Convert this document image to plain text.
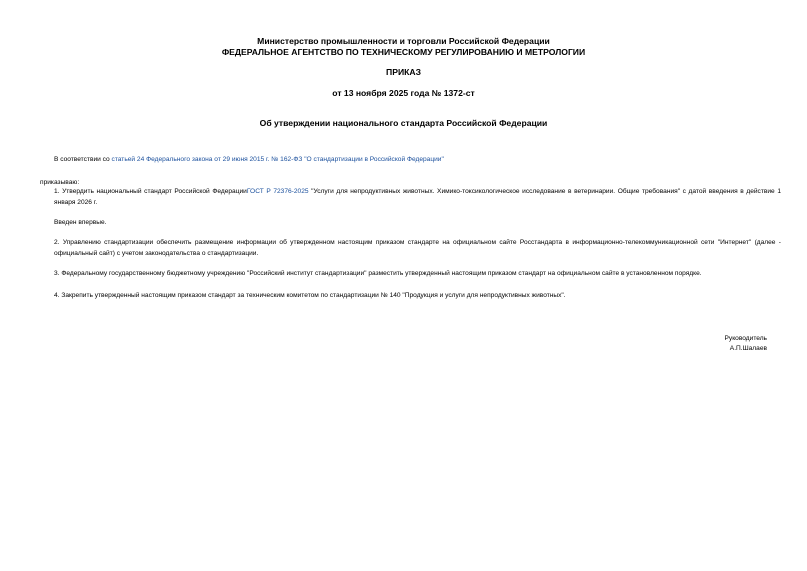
Министерство промышленности и торговли Российской Федерации
ФЕДЕРАЛЬНОЕ АГЕНТСТВО ПО ТЕХНИЧЕСКОМУ РЕГУЛИРОВАНИЮ И МЕТРОЛОГИИ
ПРИКАЗ
от 13 ноября 2025 года № 1372-ст
Об утверждении национального стандарта Российской Федерации
В соответствии со статьей 24 Федерального закона от 29 июня 2015 г. № 162-ФЗ "О стандартизации в Российской Федерации"
приказываю:
1. Утвердить национальный стандарт Российской ФедерацииГОСТ Р 72376-2025 "Услуги для непродуктивных животных. Химико-токсикологическое исследование в ветеринарии. Общие требования" с датой введения в действие 1 января 2026 г.
Введен впервые.
2. Управлению стандартизации обеспечить размещение информации об утвержденном настоящим приказом стандарте на официальном сайте Росстандарта в информационно-телекоммуникационной сети "Интернет" (далее - официальный сайт) с учетом законодательства о стандартизации.
3. Федеральному государственному бюджетному учреждению "Российский институт стандартизации" разместить утвержденный настоящим приказом стандарт на официальном сайте в установленном порядке.
4. Закрепить утвержденный настоящим приказом стандарт за техническим комитетом по стандартизации № 140 "Продукция и услуги для непродуктивных животных".
Руководитель
А.П.Шалаев
